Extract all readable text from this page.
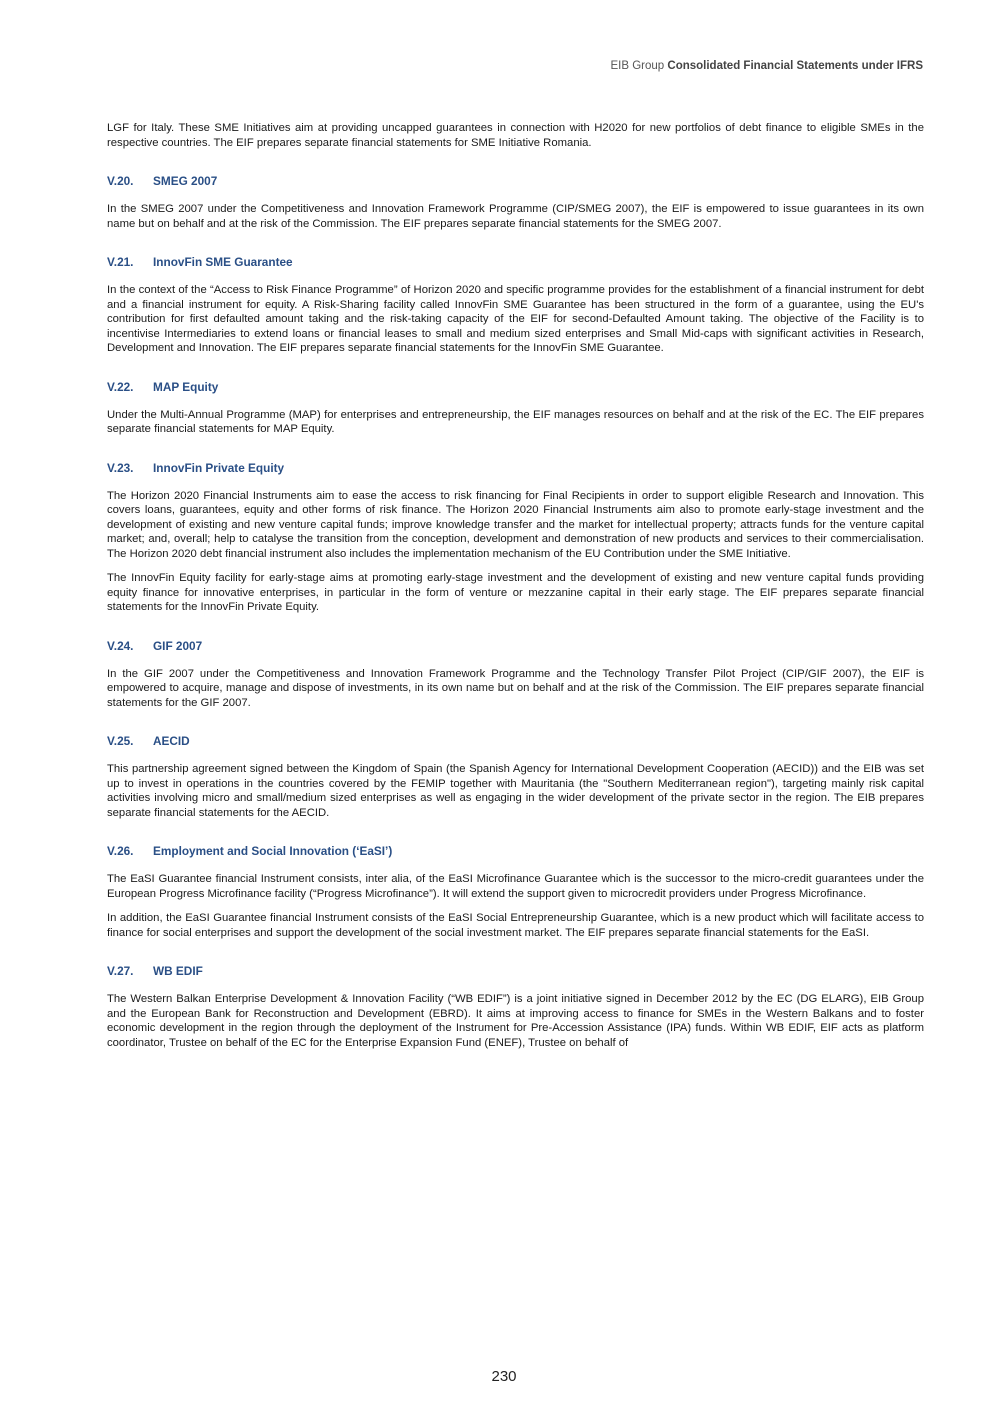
EIB Group Consolidated Financial Statements under IFRS

LGF for Italy. These SME Initiatives aim at providing uncapped guarantees in connection with H2020 for new portfolios of debt finance to eligible SMEs in the respective countries. The EIF prepares separate financial statements for SME Initiative Romania.

V.20. SMEG 2007

In the SMEG 2007 under the Competitiveness and Innovation Framework Programme (CIP/SMEG 2007), the EIF is empowered to issue guarantees in its own name but on behalf and at the risk of the Commission. The EIF prepares separate financial statements for the SMEG 2007.

V.21. InnovFin SME Guarantee

In the context of the “Access to Risk Finance Programme” of Horizon 2020 and specific programme provides for the establishment of a financial instrument for debt and a financial instrument for equity. A Risk-Sharing facility called InnovFin SME Guarantee has been structured in the form of a guarantee, using the EU's contribution for first defaulted amount taking and the risk-taking capacity of the EIF for second-Defaulted Amount taking. The objective of the Facility is to incentivise Intermediaries to extend loans or financial leases to small and medium sized enterprises and Small Mid-caps with significant activities in Research, Development and Innovation. The EIF prepares separate financial statements for the InnovFin SME Guarantee.

V.22. MAP Equity

Under the Multi-Annual Programme (MAP) for enterprises and entrepreneurship, the EIF manages resources on behalf and at the risk of the EC. The EIF prepares separate financial statements for MAP Equity.

V.23. InnovFin Private Equity

The Horizon 2020 Financial Instruments aim to ease the access to risk financing for Final Recipients in order to support eligible Research and Innovation. This covers loans, guarantees, equity and other forms of risk finance. The Horizon 2020 Financial Instruments aim also to promote early-stage investment and the development of existing and new venture capital funds; improve knowledge transfer and the market for intellectual property; attracts funds for the venture capital market; and, overall; help to catalyse the transition from the conception, development and demonstration of new products and services to their commercialisation. The Horizon 2020 debt financial instrument also includes the implementation mechanism of the EU Contribution under the SME Initiative.

The InnovFin Equity facility for early-stage aims at promoting early-stage investment and the development of existing and new venture capital funds providing equity finance for innovative enterprises, in particular in the form of venture or mezzanine capital in their early stage. The EIF prepares separate financial statements for the InnovFin Private Equity.

V.24. GIF 2007

In the GIF 2007 under the Competitiveness and Innovation Framework Programme and the Technology Transfer Pilot Project (CIP/GIF 2007), the EIF is empowered to acquire, manage and dispose of investments, in its own name but on behalf and at the risk of the Commission. The EIF prepares separate financial statements for the GIF 2007.

V.25. AECID

This partnership agreement signed between the Kingdom of Spain (the Spanish Agency for International Development Cooperation (AECID)) and the EIB was set up to invest in operations in the countries covered by the FEMIP together with Mauritania (the "Southern Mediterranean region"), targeting mainly risk capital activities involving micro and small/medium sized enterprises as well as engaging in the wider development of the private sector in the region. The EIB prepares separate financial statements for the AECID.

V.26. Employment and Social Innovation (‘EaSI’)

The EaSI Guarantee financial Instrument consists, inter alia, of the EaSI Microfinance Guarantee which is the successor to the micro-credit guarantees under the European Progress Microfinance facility (“Progress Microfinance”). It will extend the support given to microcredit providers under Progress Microfinance.

In addition, the EaSI Guarantee financial Instrument consists of the EaSI Social Entrepreneurship Guarantee, which is a new product which will facilitate access to finance for social enterprises and support the development of the social investment market. The EIF prepares separate financial statements for the EaSI.

V.27. WB EDIF

The Western Balkan Enterprise Development & Innovation Facility (“WB EDIF”) is a joint initiative signed in December 2012 by the EC (DG ELARG), EIB Group and the European Bank for Reconstruction and Development (EBRD). It aims at improving access to finance for SMEs in the Western Balkans and to foster economic development in the region through the deployment of the Instrument for Pre-Accession Assistance (IPA) funds. Within WB EDIF, EIF acts as platform coordinator, Trustee on behalf of the EC for the Enterprise Expansion Fund (ENEF), Trustee on behalf of

230
